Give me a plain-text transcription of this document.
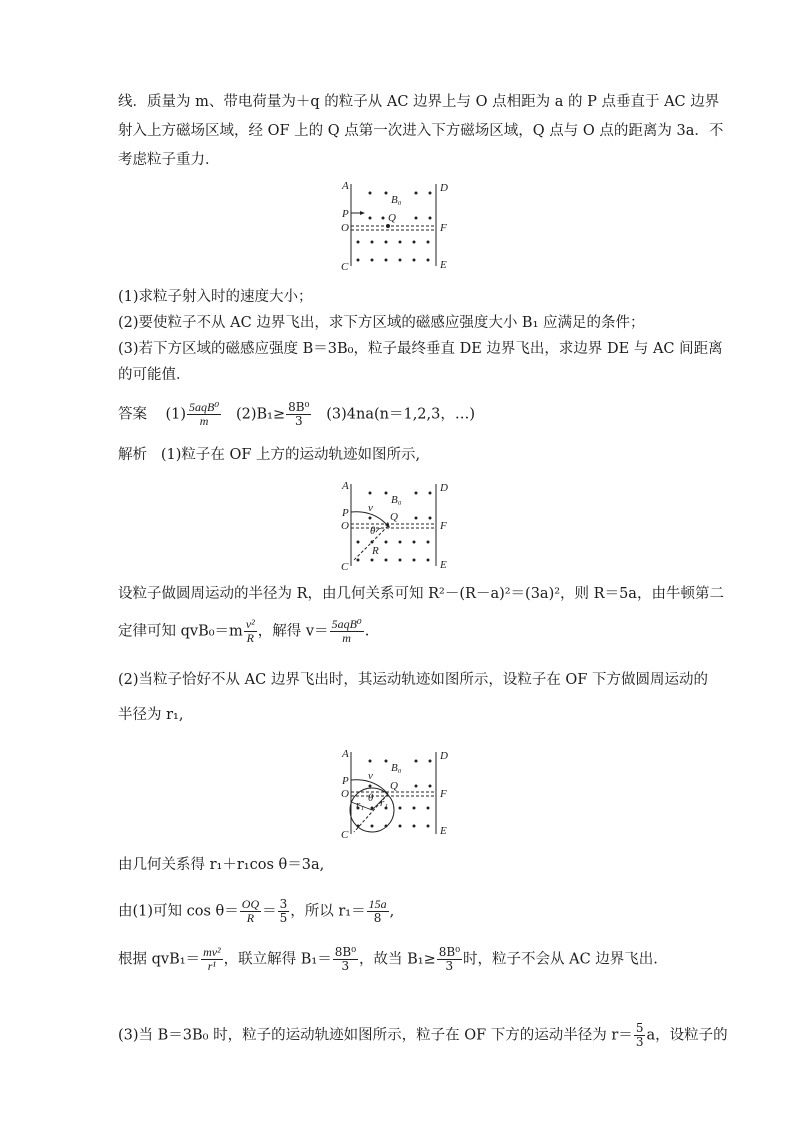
线．质量为 m、带电荷量为＋q 的粒子从 AC 边界上与 O 点相距为 a 的 P 点垂直于 AC 边界
射入上方磁场区域，经 OF 上的 Q 点第一次进入下方磁场区域，Q 点与 O 点的距离为 3a．不
考虑粒子重力．
A	D
B₀
P	Q
O	F
C	E
(1)求粒子射入时的速度大小；
(2)要使粒子不从 AC 边界飞出，求下方区域的磁感应强度大小 B₁ 应满足的条件；
(3)若下方区域的磁感应强度 B＝3B₀，粒子最终垂直 DE 边界飞出，求边界 DE 与 AC 间距离
的可能值．
答案 $(1) \frac{\text{5aqB⁰}}{m} (2)B_1\ge \frac{\text{8B⁰}}{3} (3)4na(n=1,2,3$，…)
解析 (1)粒子在 OF 上方的运动轨迹如图所示,
A	D
B₀
v
P	Q
O θ	F
R
C	E
设粒子做圆周运动的半径为 R，由几何关系可知 R²－(R－a)²＝(3a)²，则 R＝5a，由牛顿第二
定律可知 $qvB_0=m \frac{\text{v²}}{R}$ ，解得 $v= \frac{\text{5aqB⁰}}{m}$ .
(2)当粒子恰好不从 AC 边界飞出时，其运动轨迹如图所示，设粒子在 OF 下方做圆周运动的
半径为 r₁,
A	D
B₀
v
P	Q
O θ
r₁ r₁
F
C	E
由几何关系得 r₁＋r₁cos θ＝3a,
由(1)可知 $\cos \theta= \frac{OQ}{R} = \frac{3}{5}$ ，所以 $r_1= \frac{15a}{8}$ ,
根据 $qvB_1= \frac{\text{mv²}}{\text{r¹}}$ ，联立解得 $B_1= \frac{\text{8B⁰}}{3}$ ，故当 $B_1\ge \frac{\text{8B⁰}}{3}$ 时，粒子不会从 AC 边界飞出.
(3)当 B＝3B₀ 时，粒子的运动轨迹如图所示，粒子在 OF 下方的运动半径为 $r= \frac{5}{3}$ a，设粒子的
